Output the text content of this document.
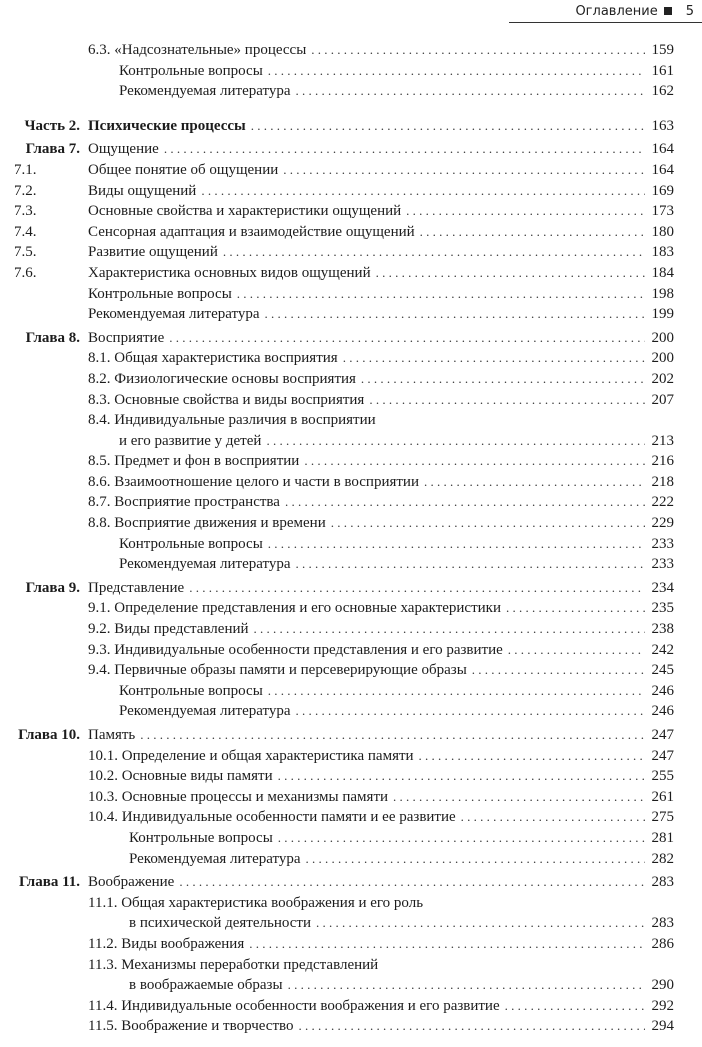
Оглавление 5
6.3. «Надсознательные» процессы . . .	159
Контрольные вопросы . . .	161
Рекомендуемая литература . . .	162
Часть 2. Психические процессы . . .	163
Глава 7. Ощущение . . .	164
7.1.	Общее понятие об ощущении . . .	164
7.2.	Виды ощущений . . .	169
7.3.	Основные свойства и характеристики ощущений . . .	173
7.4.	Сенсорная адаптация и взаимодействие ощущений . . .	180
7.5.	Развитие ощущений . . .	183
7.6.	Характеристика основных видов ощущений . . .	184
Контрольные вопросы . . .	198
Рекомендуемая литература . . .	199
Глава 8. Восприятие . . .	200
8.1. Общая характеристика восприятия . . .	200
8.2. Физиологические основы восприятия . . .	202
8.3. Основные свойства и виды восприятия . . .	207
8.4. Индивидуальные различия в восприятии
и его развитие у детей . . .	213
8.5. Предмет и фон в восприятии . . .	216
8.6. Взаимоотношение целого и части в восприятии . . .	218
8.7. Восприятие пространства . . .	222
8.8. Восприятие движения и времени . . .	229
Контрольные вопросы . . .	233
Рекомендуемая литература . . .	233
Глава 9. Представление . . .	234
9.1. Определение представления и его основные характеристики . . .	235
9.2. Виды представлений . . .	238
9.3. Индивидуальные особенности представления и его развитие . . .	242
9.4. Первичные образы памяти и персеверирующие образы . . .	245
Контрольные вопросы . . .	246
Рекомендуемая литература . . .	246
Глава 10. Память . . .	247
10.1. Определение и общая характеристика памяти . . .	247
10.2. Основные виды памяти . . .	255
10.3. Основные процессы и механизмы памяти . . .	261
10.4. Индивидуальные особенности памяти и ее развитие . . .	275
Контрольные вопросы . . .	281
Рекомендуемая литература . . .	282
Глава 11. Воображение . . .	283
11.1. Общая характеристика воображения и его роль
в психической деятельности . . .	283
11.2. Виды воображения . . .	286
11.3. Механизмы переработки представлений
в воображаемые образы . . .	290
11.4. Индивидуальные особенности воображения и его развитие . . .	292
11.5. Воображение и творчество . . .	294
